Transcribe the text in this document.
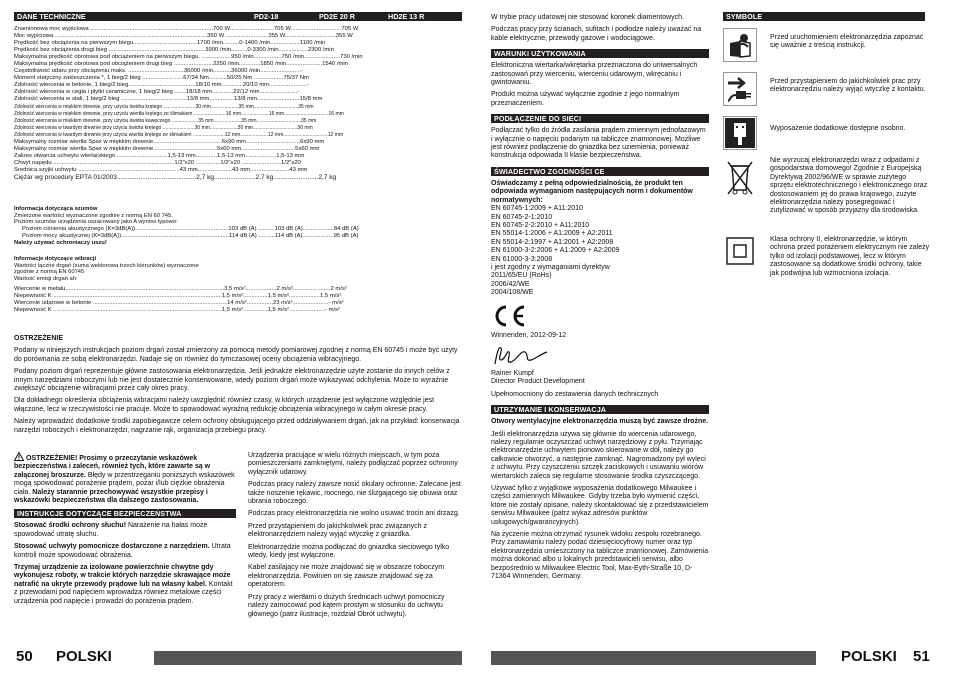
DANE TECHNICZNE	PD2-18	PD2E 20 R	HD2E 13 R
Znamionowa moc wyjściowa ...........................................................................700 W...........................705 W...............................705 W
Moc wyjściowa .............................................................................................350 W ..........................355 W...............................355 W
Prędkość bez obciążenia na pierwszym biegu.......................................1700 /min..........0-1400 /min..................1100 /min
Prędkość bez obciążenia drugi bieg ...........................................................3900 /min..........0-3300 /min..................2300 /min
Maksymalna prędkość obrotowa pod obciążeniem na pierwszym biegu. ..................950 /min.................750 /min......................730 /min
Maksymalna prędkość obrotowa pod obciążeniem drugi bieg ........................2250 /min.............1850 /min......................1540 /min
Częstotliwość udaru przy obciążeniu maks. ..................................36000 /min...........36000 /min.........................-
Moment statyczny zakleszczenia *, 1 bieg/2 bieg .........................67/34 Nm...........50/25 Nm ..................75/37 Nm
Zdolność wiercenia w betonie, 1 bieg/2 bieg.........................................18/10 mm.............20/10 mm.......................-
Zdolność wiercenia w cegła i płytki ceramiczne, 1 bieg/2 bieg .......18/18 mm.............22/12 mm.......................-
Zdolność wiercenia w stali, 1 bieg/2 bieg ........................................13/8 mm...............13/8 mm..........................15/8 mm
Zdolność wiercenia w miękkim drewnie, przy użyciu świdra krętego .......................30 mm....................35 mm................................35 mm
Zdolność wiercenia w miękkim drewnie, przy użyciu wiertła krętego ze ślimakiem .......................16 mm....................16 mm................................16 mm
Zdolność wiercenia w miękkim drewnie, przy użyciu świdra kawęczego ...................35 mm....................35 mm................................35 mm
Zdolność wiercenia w twardym drewnie przy użyciu świdra krętego .......................30 mm....................30 mm................................30 mm
Zdolność wiercenia w twardym drewnie przy użyciu wiertła krętego ze ślimakiem .......................12 mm....................12 mm................................12 mm
Maksymalny rozmiar wiertła Spax w miękkim drewnie..........................................6x90 mm.................................6x90 mm
Maksymalny rozmiar wiertła Spax w miękkim drewnie.......................................5x60 mm.................................5x60 mm
Zakres otwarcia uchwytu wiertarskiego ...............................1,5-13 mm.............1,5-13 mm...................1,5-13 mm
Chwyt napędu ..........................................................................1/2"x20 ...............1/2"x20 ........................1/2"x20
Średnica szyjki uchwytu ..............................................................43 mm.....................43 mm........................43 mm
Ciężar wg procedury EPTA 01/2003............................................2,7 kg.......................2,7 kg.........................2,7 kg
Informacja dotycząca szumów
Zmierzone wartości wyznaczone zgodnie z normą EN 60 745.
Poziom szumów urządzenia oszacowany jako A wynosi typowo:
Poziom ciśnienia akustycznego (K=3dB(A)).........................................................103 dB (A) ..........103 dB (A)...................84 dB (A)
Poziom mocy akustycznej (K=3dB(A))..................................................................114 dB (A) ..........114 dB (A)...................95 dB (A)
Należy używać ochroniaczy uszu!
Informacje dotyczące wibracji
Wartości łączne drgań (suma wektorowa trzech kierunków) wyznaczone
zgodnie z normą EN 60745
Wartość emisji drgań ah:
Wiercenie w metalu.................................................................................................3,5 m/s²...................2 m/s².......................2 m/s²
Niepewność K .......................................................................................................1,5 m/s²...............1,5 m/s²...................1,5 m/s²
Wiercenie udarowe w betonie ..................................................................................14 m/s²................23 m/s²......................- m/s²
Niepewność K .......................................................................................................1,5 m/s²...............1,5 m/s²......................- m/s²
OSTRZEŻENIE
Podany w niniejszych instrukcjach poziom drgań został zmierzony za pomocą metody pomiarowej zgodnej z normą EN 60745 i może być użyty do porównania ze sobą elektronarzędzi. Nadaje się on również do tymczasowej oceny obciążenia wibracyjnego.
Podany poziom drgań reprezentuje główne zastosowania elektronarzędzia. Jeśli jednakże elektronarzędzie użyte zostanie do innych celów z innym narzędziami roboczymi lub nie jest dostatecznie konserwowane, wtedy poziom drgań może wykazywać odchylenia. Może to wyraźnie zwiększyć obciążenie wibracjami przez cały okres pracy.
Dla dokładnego określenia obciążenia wibracjami należy uwzględnić również czasy, w których urządzenie jest wyłączone względnie jest włączone, lecz w rzeczywistości nie pracuje. Może to spowodować wyraźną redukcję obciążenia wibracyjnego w całym okresie pracy.
Należy wprowadzić dodatkowe środki zapobiegawcze celem ochrony obsługującego przed oddziaływaniem drgań, jak na przykład: konserwacja narzędzi roboczych i elektronarzędzi, nagrzanie rąk, organizacja przebiegu pracy.
OSTRZEŻENIE! Prosimy o przeczytanie wskazówek bezpieczeństwa i zaleceń, również tych, które zawarte są w załączonej broszurze. Błędy w przestrzeganiu poniższych wskazówek mogą spowodować porażenie prądem, pożar i/lub ciężkie obrażenia ciała. Należy starannie przechowywać wszystkie przepisy i wskazówki bezpieczeństwa dla dalszego zastosowania.
INSTRUKCJE DOTYCZĄCE BEZPIECZEŃSTWA
Stosować środki ochrony słuchu! Narażenie na hałas może spowodować utratę słuchu.
Stosować uchwyty pomocnicze dostarczone z narzędziem. Utrata kontroli może spowodować obrażenia.
Trzymaj urządzenie za izolowane powierzchnie chwytne gdy wykonujesz roboty, w trakcie których narzędzie skrawające może natrafić na ukryte przewody prądowe lub na własny kabel. Kontakt z przewodami pod napięciem wprowadza również metalowe części urządzenia pod napięcie i prowadzi do porażenia prądem.
Urządzenia pracujące w wielu różnych miejscach, w tym poza pomieszczeniami zamkniętymi, należy podłączać poprzez ochronny wyłącznik udarowy.
Podczas pracy należy zawsze nosić okulary ochronne. Zalecane jest także noszenie rękawic, mocnego, nie ślizgającego się obuwia oraz ubrania roboczego.
Podczas pracy elektronarzędzia nie wolno usuwać trocin ani drzazg.
Przed przystąpieniem do jakichkolwiek prac związanych z elektronarzędziem należy wyjąć wtyczkę z gniazdka.
Elektronarzędzie można podłączać do gniazdka sieciowego tylko wtedy, kiedy jest wyłączone.
Kabel zasilający nie może znajdować się w obszarze roboczym elektronarzędzia. Powinien on się zawsze znajdować się za operatorem.
Przy pracy z wiertłami o dużych średnicach uchwyt pomocniczy należy zamocować pod kątem prostym w stosunku do uchwytu głównego (patrz ilustracje, rozdział Obrót uchwytu).
50 POLSKI
W trybie pracy udarowej nie stosować koronek diamentowych.
Podczas pracy przy ścianach, sufitach i podłodze należy uważać na kable elektryczne, przewody gazowe i wodociągowe.
WARUNKI UŻYTKOWANIA
Elektroniczna wiertarka/wkrętarka przeznaczona do uniwersalnych zastosowań przy wierceniu, wierceniu udarowym, wkręcaniu i gwintowaniu.
Produkt można używać wyłącznie zgodnie z jego normalnym przeznaczeniem.
PODŁĄCZENIE DO SIECI
Podłączać tylko do źródła zasilania prądem zmiennym jednofazowym i wyłącznie o napięciu podanym na tabliczce znamionowej. Możliwe jest również podłączenie do gniazdka bez uziemienia, ponieważ konstrukcja odpowiada II klasie bezpieczeństwa.
ŚWIADECTWO ZGODNOŚCI CE
Oświadczamy z pełną odpowiedzialnością, że produkt ten odpowiada wymaganiom następujących norm i dokumentów normatywnych:
EN 60745-1:2009 + A11:2010
EN 60745-2-1:2010
EN 60745-2-2:2010 + A11:2010
EN 55014-1:2006 + A1:2009 + A2:2011
EN 55014-2:1997 + A1:2001 + A2:2008
EN 61000-3-2:2006 + A1:2009 + A2:2009
EN 61000-3-3:2008
i jest zgodny z wymaganiami dyrektyw
2011/65/EU (RoHs)
2006/42/WE
2004/108/WE
Winnenden, 2012-09-12
Rainer Kumpf
Director Product Development
Upełnomocniony do zestawienia danych technicznych
UTRZYMANIE I KONSERWACJA
Otwory wentylacyjne elektronarzędzia muszą być zawsze drożne.
Jeśli elektronarzędzia używa się głównie do wiercenia udarowego, należy regularnie oczyszczać uchwyt narzędziowy z pyłu. Trzymając elektronarzędzie uchwytem pionowo skierowane w dół, należy go całkowicie otworzyć, a następnie zamknąć. Nagromadzony pył wyleci z uchwytu. Przy czyszczeniu szczęk zaciskowych i usuwaniu wiórów wiertarskich zaleca się regularne stosowanie środka czyszczącego.
Używać tylko z wyjątkowe wyposażenia dodatkowego Milwaukee i części zamiennych Milwaukee. Gdyby trzeba było wymienić części, które nie zostały opisane, należy skontaktować się z przedstawicielem serwisu Milwaukee (patrz wykaz adresów punktów usługowych/gwarancyjnych).
Na życzenie można otrzymać rysunek widoku zespołu rozebranego. Przy zamawianiu należy podać dziesięciocyfrowy numer oraz typ elektronarzędzia umieszczony na tabliczce znamionowej. Zamówienia można dokonać albo u lokalnych przedstawicieli serwisu, albo bezpośrednio w Milwaukee Electric Tool, Max-Eyth-Straße 10, D-71364 Winnenden, Germany.
SYMBOLE
Przed uruchomieniem elektronarzędzia zapoznać się uważnie z treścią instrukcji.
Przed przystąpieniem do jakichkolwiek prac przy elektronarzędziu należy wyjąć wtyczkę z kontaktu.
Wyposażenie dodatkowe dostępne osobno.
Nie wyrzucaj elektronarzędzi wraz z odpadami z gospodarstwa domowego! Zgodnie z Europejską Dyrektywą 2002/96/WE w sprawie zużytego sprzętu elektrotechnicznego i elektronicznego oraz dostosowaniem jej do prawa krajowego, zużyte elektronarzędzia należy posegregować i zutylizować w sposób przyjazny dla środowiska.
Klasa ochrony II, elektronarzędzie, w którym ochrona przed porażeniem elektrycznym nie zależy tylko od izolacji podstawowej, lecz w którym zastosowane są dodatkowe środki ochrony, takie jak podwójna lub wzmocniona izolacja.
POLSKI 51
